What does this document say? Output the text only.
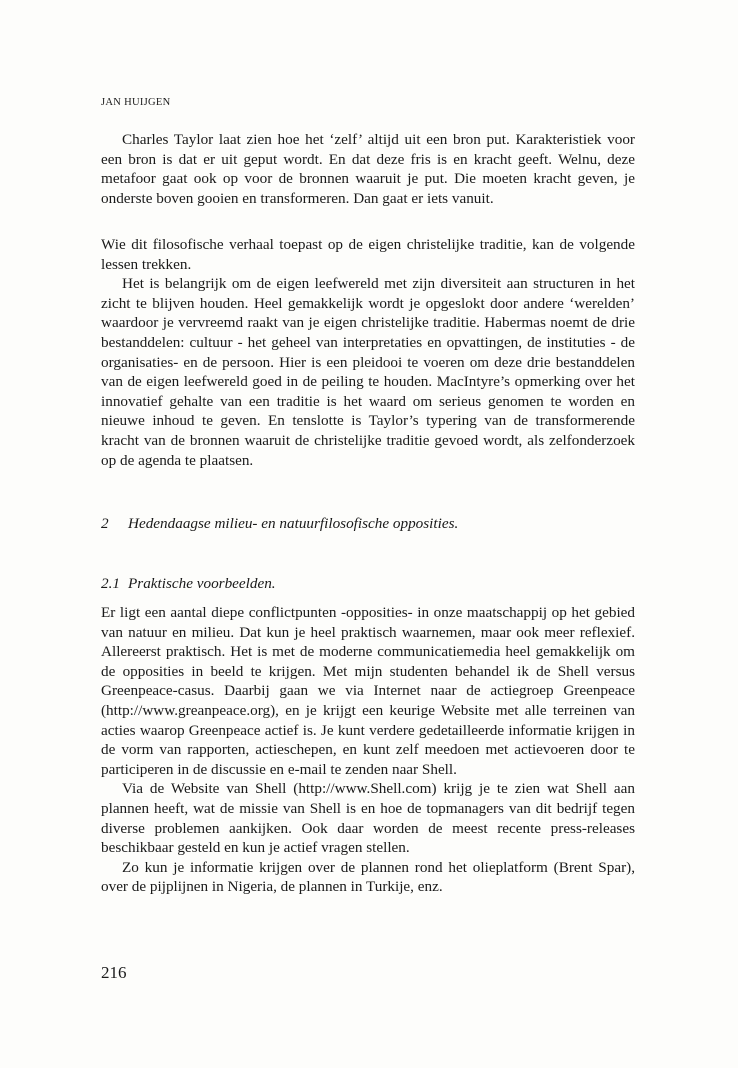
JAN HUIJGEN

Charles Taylor laat zien hoe het ‘zelf’ altijd uit een bron put. Karakteristiek voor een bron is dat er uit geput wordt. En dat deze fris is en kracht geeft. Welnu, deze metafoor gaat ook op voor de bronnen waaruit je put. Die moeten kracht geven, je onderste boven gooien en transformeren. Dan gaat er iets vanuit.

Wie dit filosofische verhaal toepast op de eigen christelijke traditie, kan de volgende lessen trekken.

Het is belangrijk om de eigen leefwereld met zijn diversiteit aan structuren in het zicht te blijven houden. Heel gemakkelijk wordt je opgeslokt door andere ‘werelden’ waardoor je vervreemd raakt van je eigen christelijke traditie. Habermas noemt de drie bestanddelen: cultuur - het geheel van interpretaties en opvattingen, de instituties - de organisaties- en de persoon. Hier is een pleidooi te voeren om deze drie bestanddelen van de eigen leefwereld goed in de peiling te houden. MacIntyre’s opmerking over het innovatief gehalte van een traditie is het waard om serieus genomen te worden en nieuwe inhoud te geven. En tenslotte is Taylor’s typering van de transformerende kracht van de bronnen waaruit de christelijke traditie gevoed wordt, als zelfonderzoek op de agenda te plaatsen.

2 Hedendaagse milieu- en natuurfilosofische opposities.
2.1 Praktische voorbeelden.

Er ligt een aantal diepe conflictpunten -opposities- in onze maatschappij op het gebied van natuur en milieu. Dat kun je heel praktisch waarnemen, maar ook meer reflexief. Allereerst praktisch. Het is met de moderne communicatiemedia heel gemakkelijk om de opposities in beeld te krijgen. Met mijn studenten behandel ik de Shell versus Greenpeace-casus. Daarbij gaan we via Internet naar de actiegroep Greenpeace (http://www.greanpeace.org), en je krijgt een keurige Website met alle terreinen van acties waarop Greenpeace actief is. Je kunt verdere gedetailleerde informatie krijgen in de vorm van rapporten, actieschepen, en kunt zelf meedoen met actievoeren door te participeren in de discussie en e-mail te zenden naar Shell.

Via de Website van Shell (http://www.Shell.com) krijg je te zien wat Shell aan plannen heeft, wat de missie van Shell is en hoe de topmanagers van dit bedrijf tegen diverse problemen aankijken. Ook daar worden de meest recente press-releases beschikbaar gesteld en kun je actief vragen stellen.

Zo kun je informatie krijgen over de plannen rond het olieplatform (Brent Spar), over de pijplijnen in Nigeria, de plannen in Turkije, enz.

216
